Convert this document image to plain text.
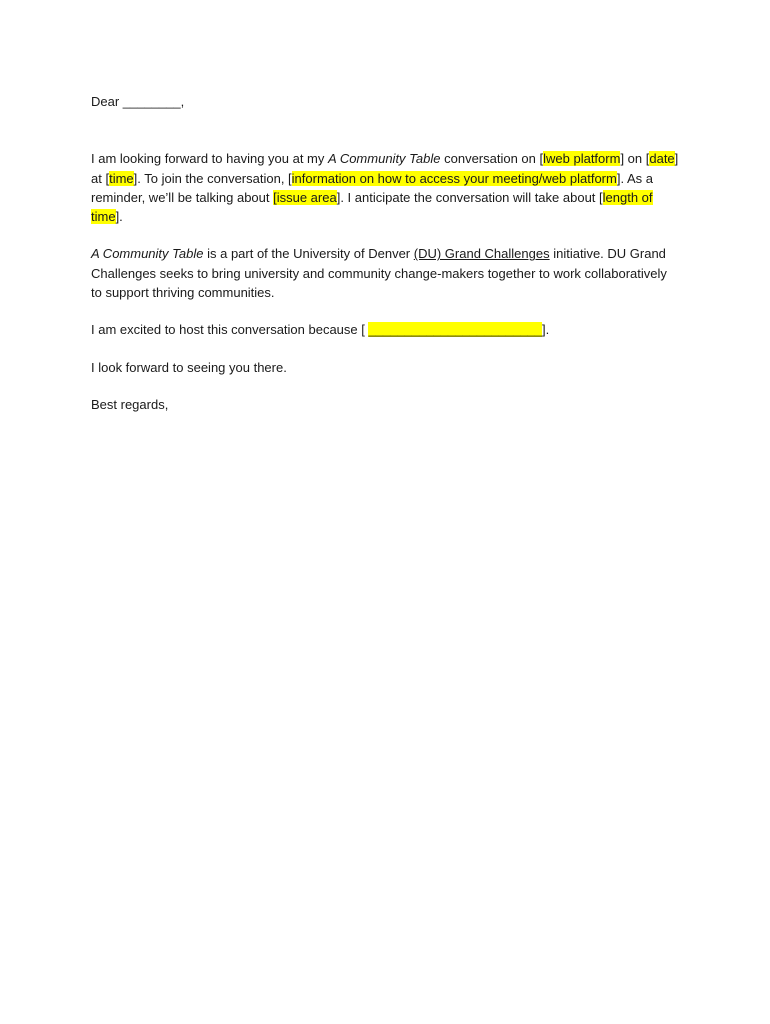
Dear ________,

I am looking forward to having you at my A Community Table conversation on [lweb platform] on [date] at [time]. To join the conversation, [information on how to access your meeting/web platform]. As a reminder, we’ll be talking about [issue area]. I anticipate the conversation will take about [length of time].

A Community Table is a part of the University of Denver (DU) Grand Challenges initiative. DU Grand Challenges seeks to bring university and community change-makers together to work collaboratively to support thriving communities.

I am excited to host this conversation because [ ________________________].

I look forward to seeing you there.

Best regards,
